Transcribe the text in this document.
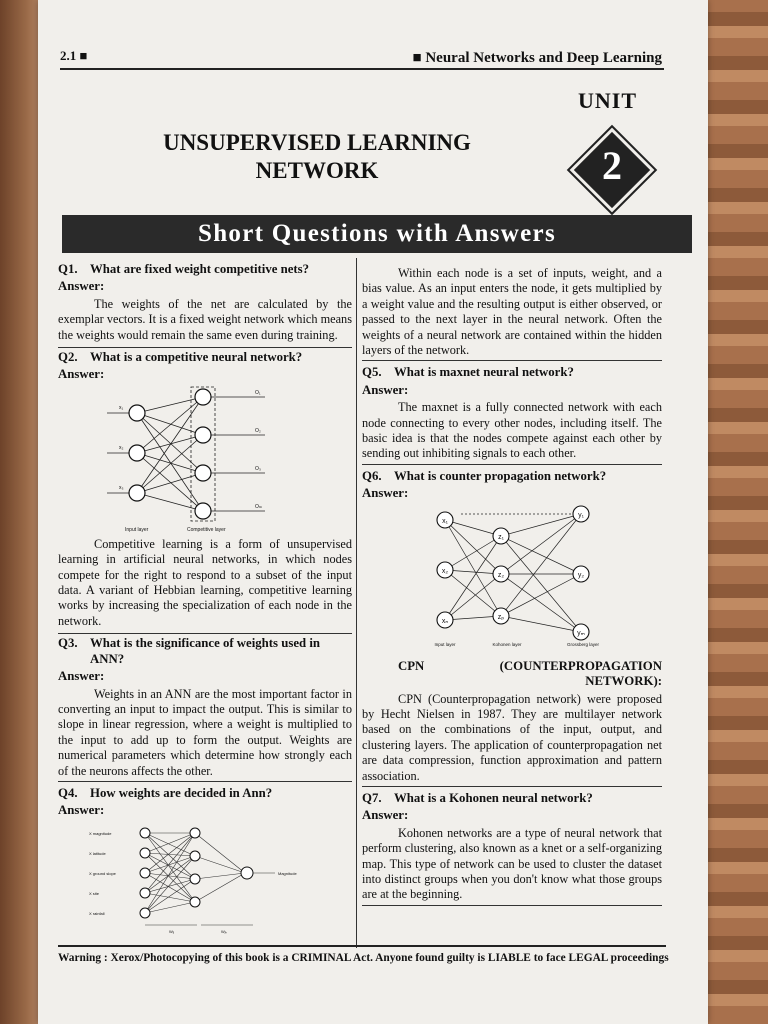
2.1 ■	■ Neural Networks and Deep Learning
UNIT
2
UNSUPERVISED LEARNING
NETWORK
Short Questions with Answers
Q1. What are fixed weight competitive nets?
Answer:
The weights of the net are calculated by the exemplar vectors. It is a fixed weight network which means the weights would remain the same even during training.
Q2. What is a competitive neural network?
Answer:
x₁
x₂
x₃
O₁
O₂
O₃
Oₘ
Input layer	Competitive layer
Competitive learning is a form of unsupervised learning in artificial neural networks, in which nodes compete for the right to respond to a subset of the input data. A variant of Hebbian learning, competitive learning works by increasing the specialization of each node in the network.
Q3. What is the significance of weights used in ANN?
Answer:
Weights in an ANN are the most important factor in converting an input to impact the output. This is similar to slope in linear regression, where a weight is multiplied to the input to add up to form the output. Weights are numerical parameters which determine how strongly each of the neurons affects the other.
Q4. How weights are decided in Ann?
Answer:
X magnitude
X latitude
X ground slope
X site
X rainfall
Magnitude
Wᵢⱼ	Wⱼₖ
Within each node is a set of inputs, weight, and a bias value. As an input enters the node, it gets multiplied by a weight value and the resulting output is either observed, or passed to the next layer in the neural network. Often the weights of a neural network are contained within the hidden layers of the network.
Q5. What is maxnet neural network?
Answer:
The maxnet is a fully connected network with each node connecting to every other nodes, including itself. The basic idea is that the nodes compete against each other by sending out inhibiting signals to each other.
Q6. What is counter propagation network?
Answer:
x₁
x₂
xₙ
z₁
z₂
zₚ
y₁
y₂
yₘ
Input layer	Kohonen layer	Grossberg layer
CPN	(COUNTERPROPAGATION NETWORK):
CPN (Counterpropagation network) were proposed by Hecht Nielsen in 1987. They are multilayer network based on the combinations of the input, output, and clustering layers. The application of counterpropagation net are data compression, function approximation and pattern association.
Q7. What is a Kohonen neural network?
Answer:
Kohonen networks are a type of neural network that perform clustering, also known as a knet or a self-organizing map. This type of network can be used to cluster the dataset into distinct groups when you don't know what those groups are at the beginning.
Warning : Xerox/Photocopying of this book is a CRIMINAL Act. Anyone found guilty is LIABLE to face LEGAL proceedings
